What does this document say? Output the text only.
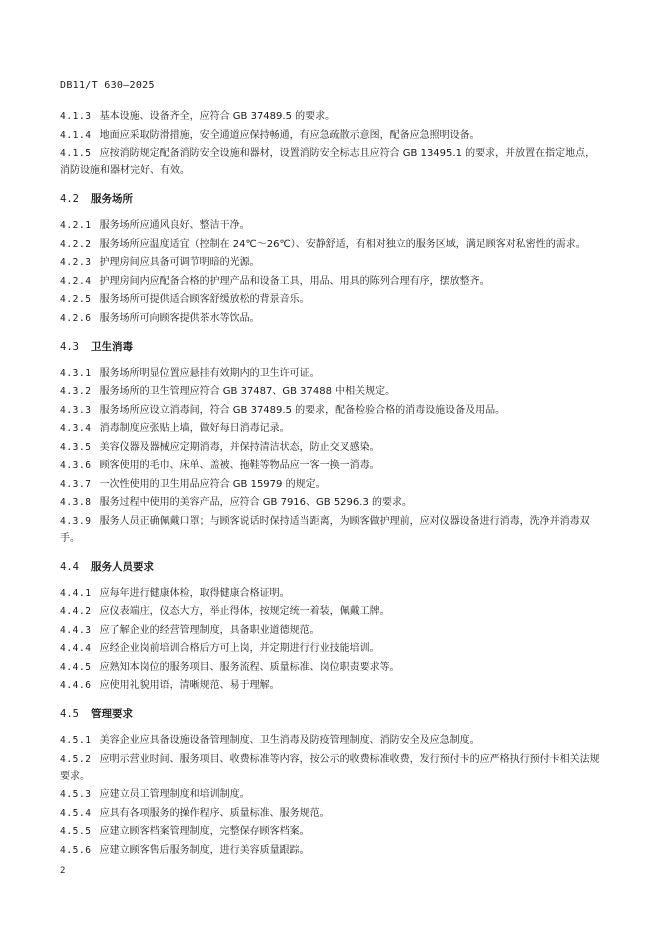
DB11/T 630—2025
4.1.3 基本设施、设备齐全，应符合 GB 37489.5 的要求。
4.1.4 地面应采取防滑措施，安全通道应保持畅通，有应急疏散示意图，配备应急照明设备。
4.1.5 应按消防规定配备消防安全设施和器材，设置消防安全标志且应符合 GB 13495.1 的要求，并放置在指定地点，消防设施和器材完好、有效。
4.2 服务场所
4.2.1 服务场所应通风良好、整洁干净。
4.2.2 服务场所应温度适宜（控制在 24℃～26℃）、安静舒适，有相对独立的服务区域，满足顾客对私密性的需求。
4.2.3 护理房间应具备可调节明暗的光源。
4.2.4 护理房间内应配备合格的护理产品和设备工具，用品、用具的陈列合理有序，摆放整齐。
4.2.5 服务场所可提供适合顾客舒缓放松的背景音乐。
4.2.6 服务场所可向顾客提供茶水等饮品。
4.3 卫生消毒
4.3.1 服务场所明显位置应悬挂有效期内的卫生许可证。
4.3.2 服务场所的卫生管理应符合 GB 37487、GB 37488 中相关规定。
4.3.3 服务场所应设立消毒间，符合 GB 37489.5 的要求，配备检验合格的消毒设施设备及用品。
4.3.4 消毒制度应张贴上墙，做好每日消毒记录。
4.3.5 美容仪器及器械应定期消毒，并保持清洁状态，防止交叉感染。
4.3.6 顾客使用的毛巾、床单、盖被、拖鞋等物品应一客一换一消毒。
4.3.7 一次性使用的卫生用品应符合 GB 15979 的规定。
4.3.8 服务过程中使用的美容产品，应符合 GB 7916、GB 5296.3 的要求。
4.3.9 服务人员正确佩戴口罩；与顾客说话时保持适当距离，为顾客做护理前，应对仪器设备进行消毒，洗净并消毒双手。
4.4 服务人员要求
4.4.1 应每年进行健康体检，取得健康合格证明。
4.4.2 应仪表端庄，仪态大方，举止得体，按规定统一着装，佩戴工牌。
4.4.3 应了解企业的经营管理制度，具备职业道德规范。
4.4.4 应经企业岗前培训合格后方可上岗，并定期进行行业技能培训。
4.4.5 应熟知本岗位的服务项目、服务流程、质量标准、岗位职责要求等。
4.4.6 应使用礼貌用语，清晰规范、易于理解。
4.5 管理要求
4.5.1 美容企业应具备设施设备管理制度、卫生消毒及防疫管理制度、消防安全及应急制度。
4.5.2 应明示营业时间、服务项目、收费标准等内容，按公示的收费标准收费，发行预付卡的应严格执行预付卡相关法规要求。
4.5.3 应建立员工管理制度和培训制度。
4.5.4 应具有各项服务的操作程序、质量标准、服务规范。
4.5.5 应建立顾客档案管理制度，完整保存顾客档案。
4.5.6 应建立顾客售后服务制度，进行美容质量跟踪。
2
